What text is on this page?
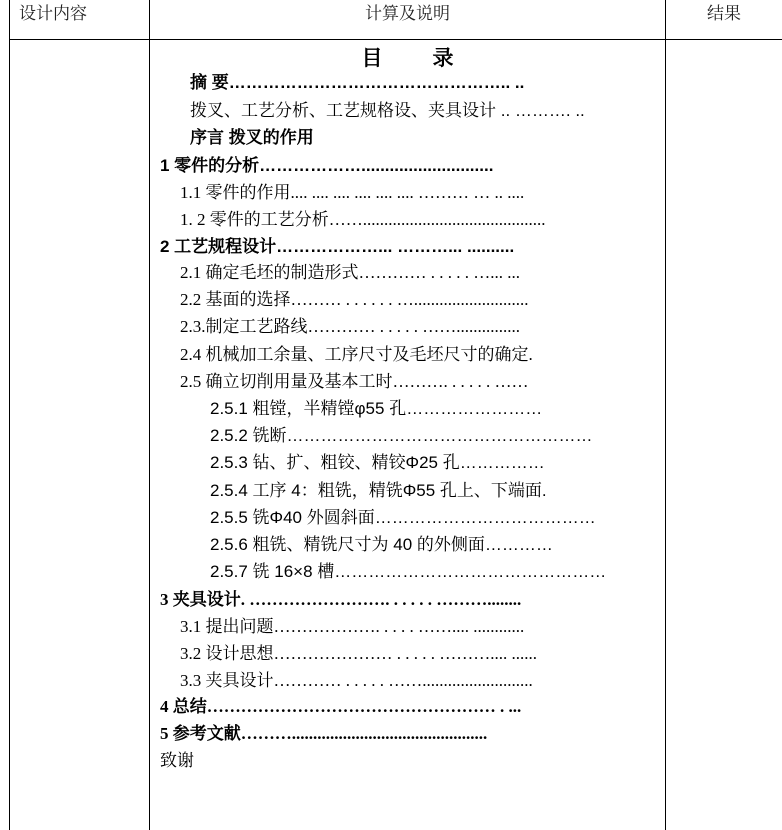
设计内容	计算及说明	结果
目 录
摘 要………………………………………….. ..
拨叉、工艺分析、工艺规格设、夹具设计 .. ………. ..
序言 拨叉的作用
1 零件的分析………………............................
1.1 零件的作用.... .... .... .... .... .... ……… … .. ....
1. 2 零件的工艺分析……...........................................
2 工艺规程设计………………... ………... ..........
2.1 确定毛坯的制造形式………… . . . . . …... ...
2.2 基面的选择……… . . . . . . …...........................
2.3.制定工艺路线………… . . . . . ……...............
2.4 机械加工余量、工序尺寸及毛坯尺寸的确定.
2.5 确立切削用量及基本工时………. . . . . . ……
2.5.1 粗镗，半精镗φ55 孔……………………
2.5.2 铣断………………………………………………
2.5.3 钻、扩、粗铰、精铰Φ25 孔……………
2.5.4 工序 4：粗铣，精铣Φ55 孔上、下端面.
2.5.5 铣Φ40 外圆斜面…………………………………
2.5.6 粗铣、精铣尺寸为 40 的外侧面…………
2.5.7 铣 16×8 槽…………………………………………
3 夹具设计. ……………………. . . . . . ………........
3.1 提出问题………………. . . . . …….... ............
3.2 设计思想………………… . . . . . ……….... ......
3.3 夹具设计………… . . . . . ……..........................
4 总结…………………………………………… . ...
5 参考文献………..............................................
致谢
